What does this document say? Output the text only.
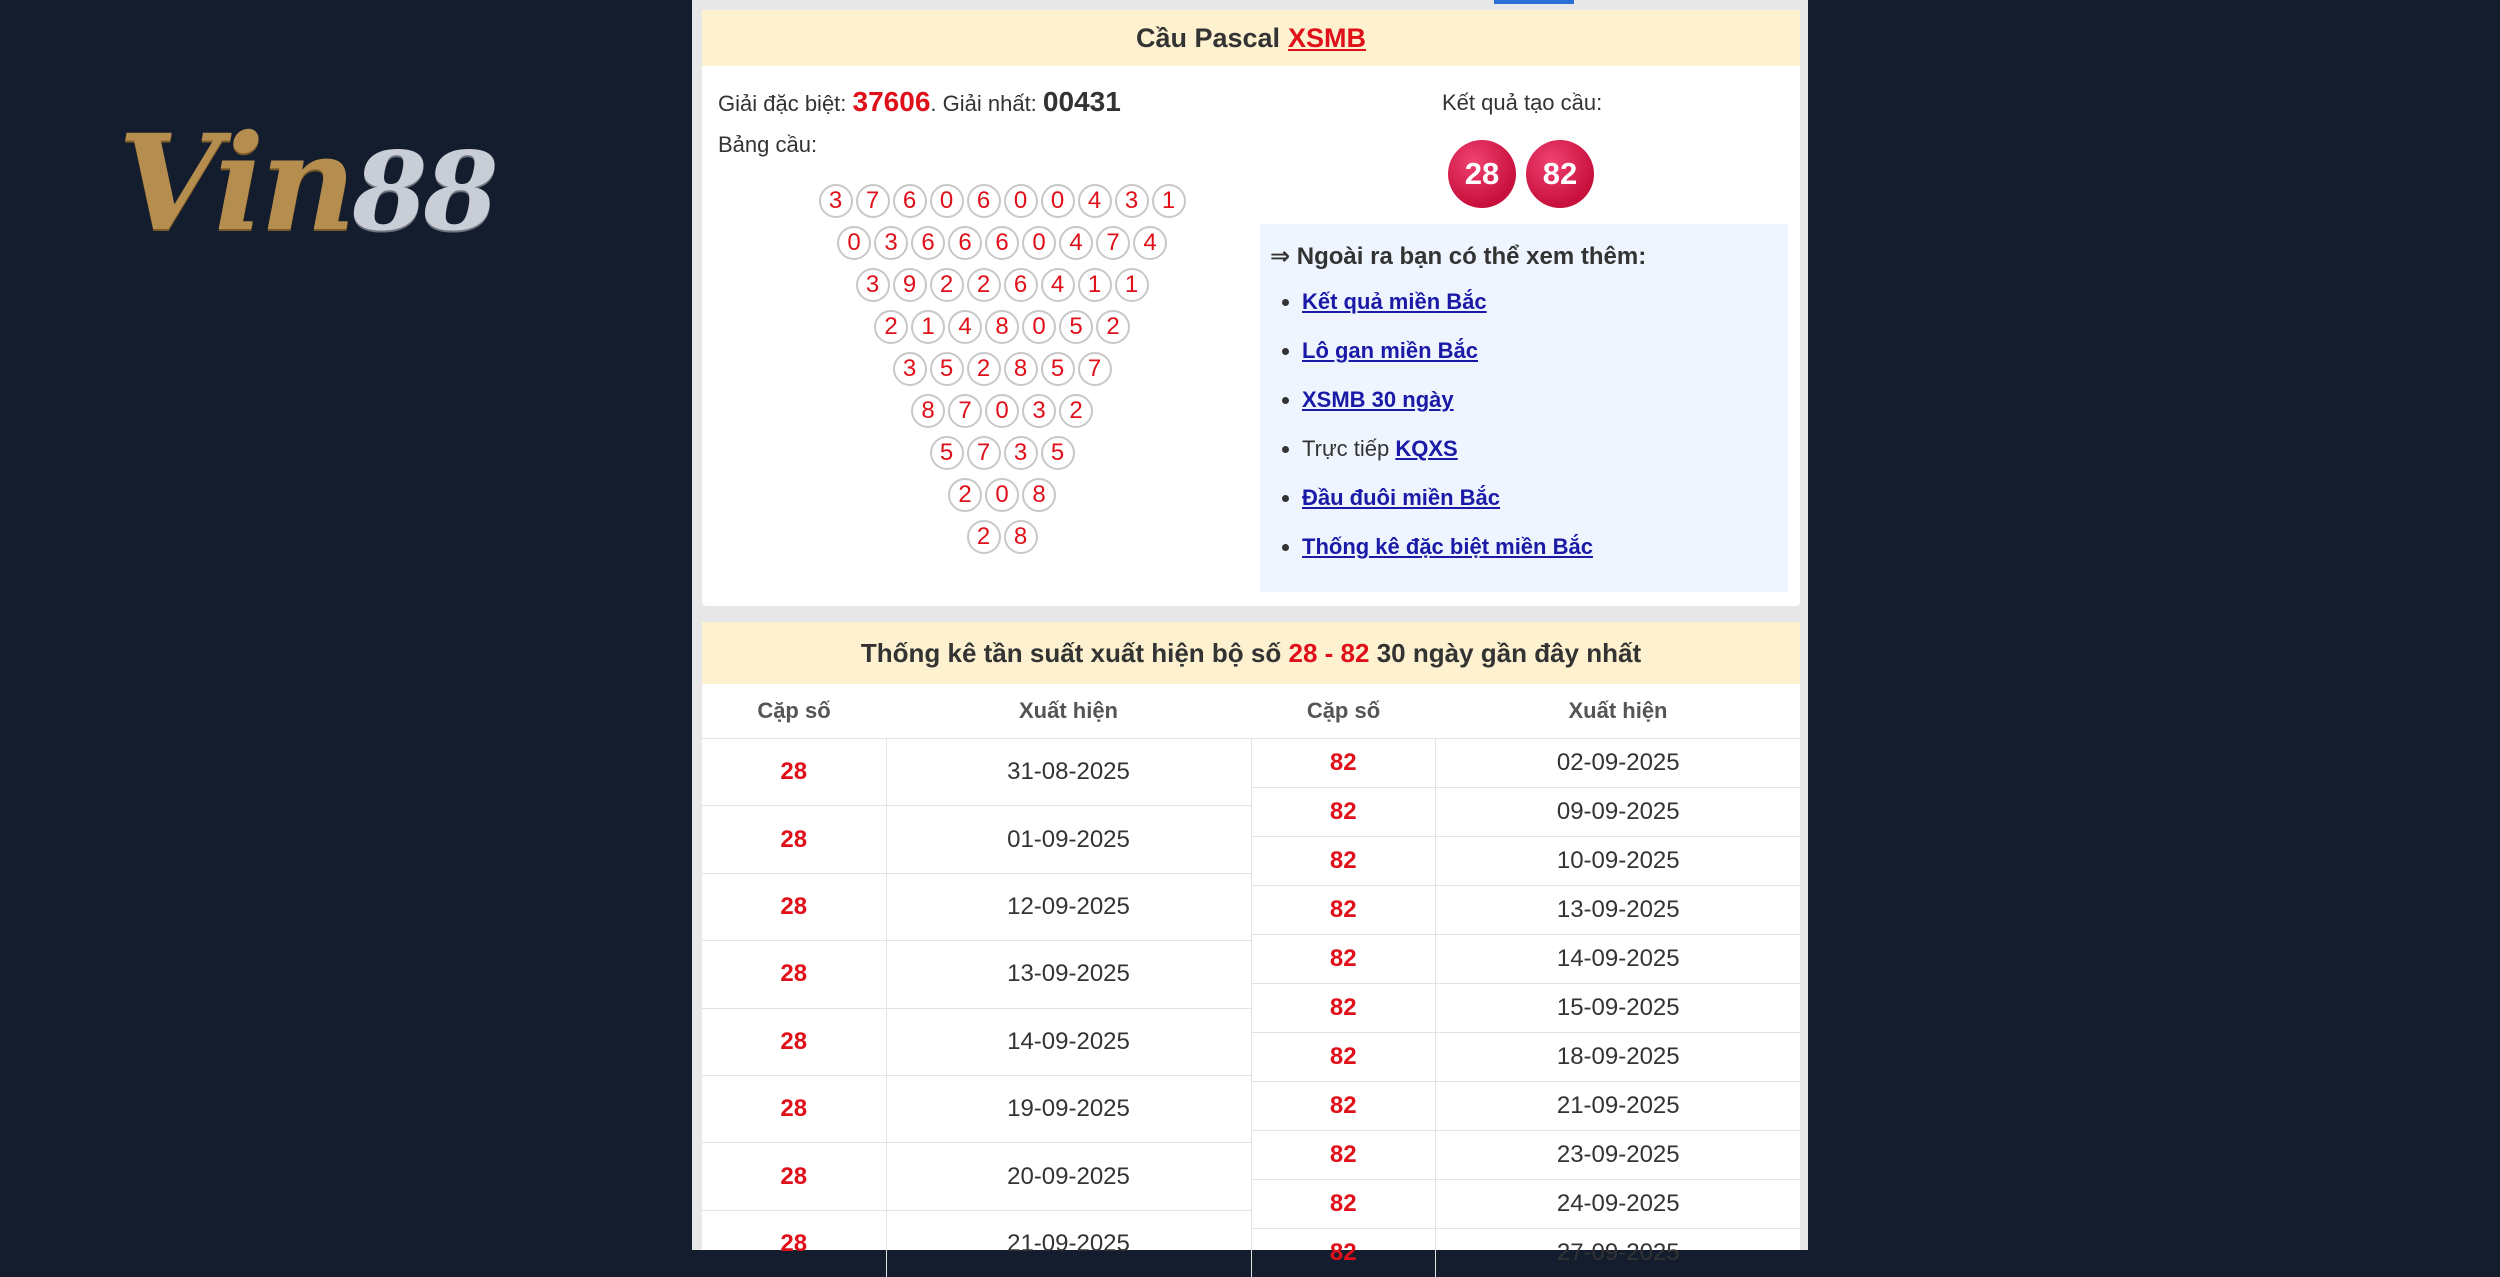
Vin88
Cầu Pascal XSMB
Giải đặc biệt: 37606. Giải nhất: 00431
Bảng cầu:
3 7 6 0 6 0 0 4 3 1
0 3 6 6 6 0 4 7 4
3 9 2 2 6 4 1 1
2 1 4 8 0 5 2
3 5 2 8 5 7
8 7 0 3 2
5 7 3 5
2 0 8
2 8
Kết quả tạo cầu:
28	82
⇒ Ngoài ra bạn có thể xem thêm:
• Kết quả miền Bắc
• Lô gan miền Bắc
• XSMB 30 ngày
• Trực tiếp KQXS
• Đầu đuôi miền Bắc
• Thống kê đặc biệt miền Bắc
Thống kê tần suất xuất hiện bộ số
28
-
82
30 ngày gần đây nhất
Cặp số	Xuất hiện
28	31-08-2025
28	01-09-2025
28	12-09-2025
28	13-09-2025
28	14-09-2025
28	19-09-2025
28	20-09-2025
28	21-09-2025
Cặp số	Xuất hiện
82	02-09-2025
82	09-09-2025
82	10-09-2025
82	13-09-2025
82	14-09-2025
82	15-09-2025
82	18-09-2025
82	21-09-2025
82	23-09-2025
82	24-09-2025
82	27-09-2025
